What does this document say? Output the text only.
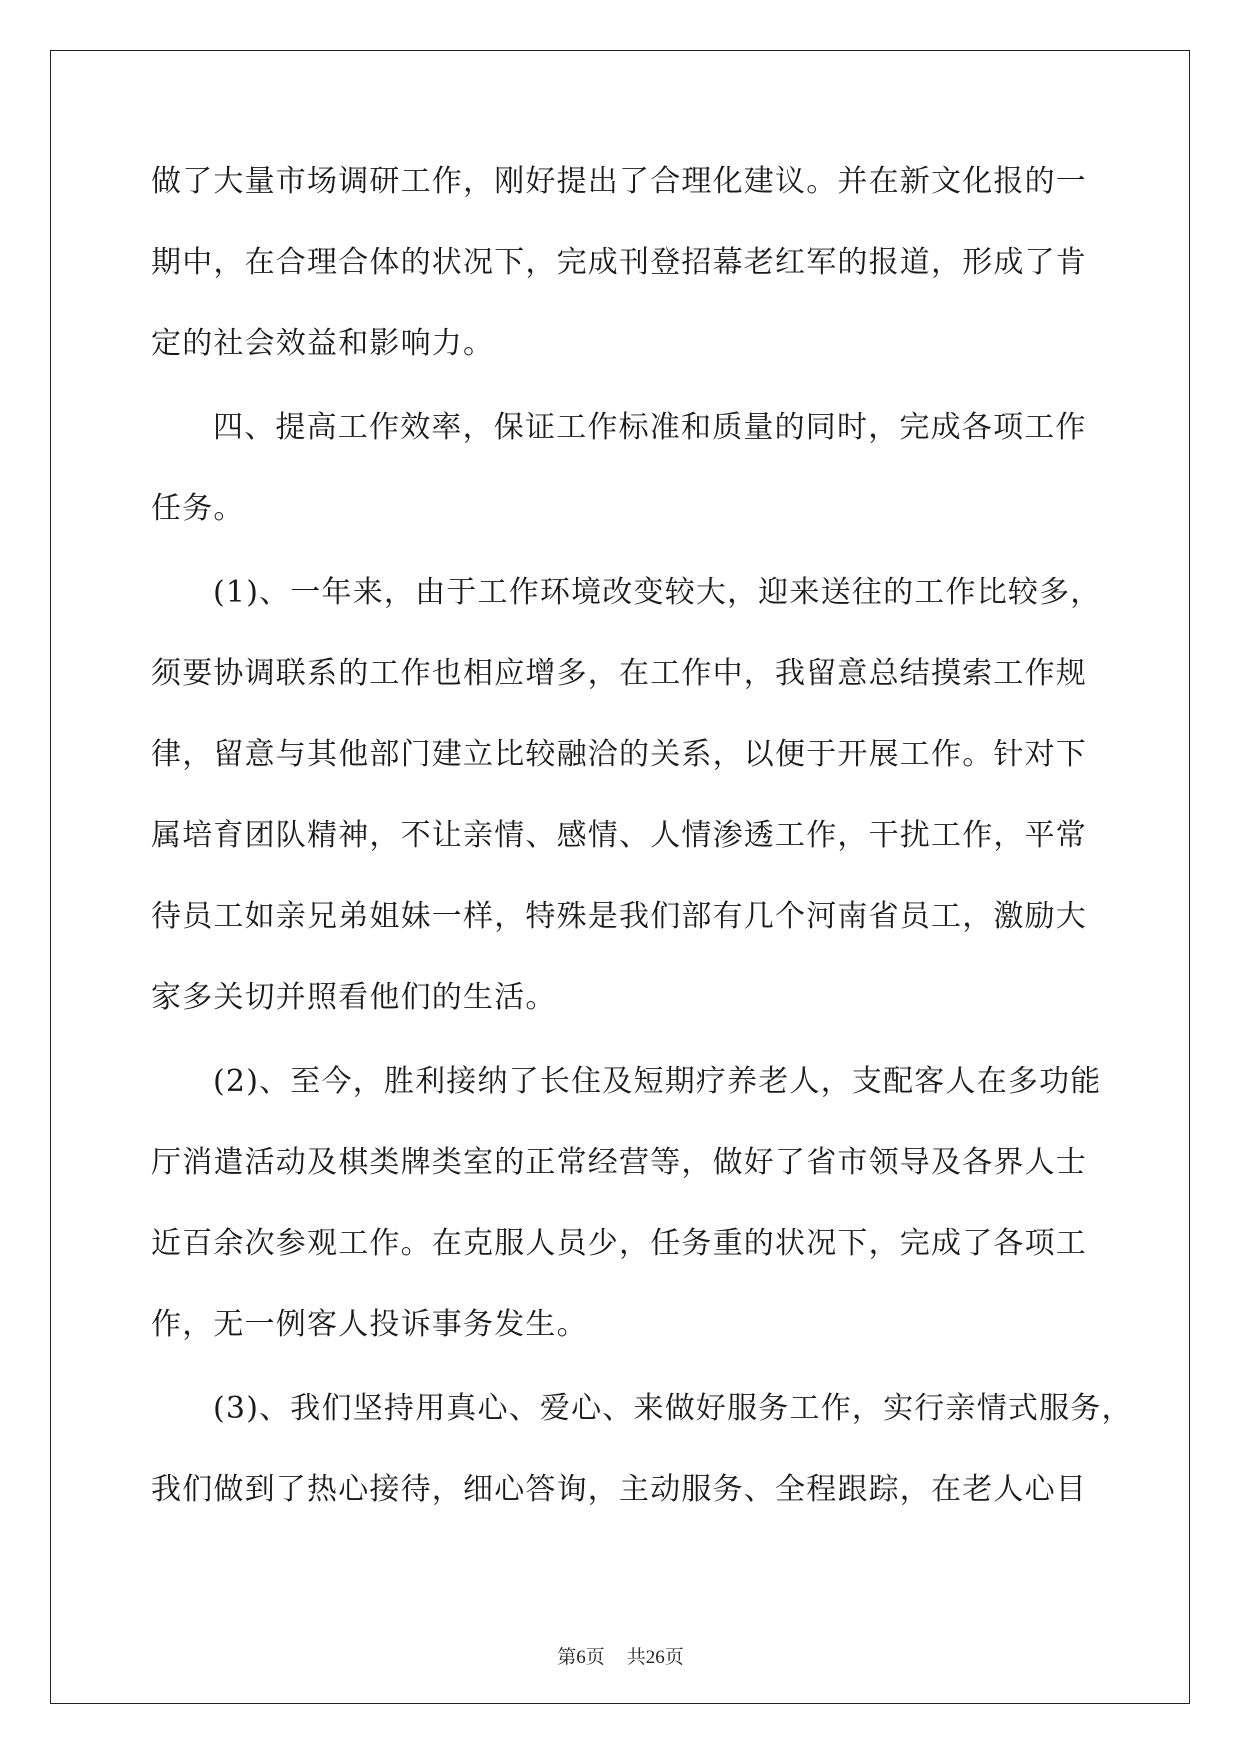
做了大量市场调研工作，刚好提出了合理化建议。并在新文化报的一
期中，在合理合体的状况下，完成刊登招幕老红军的报道，形成了肯
定的社会效益和影响力。
四、提高工作效率，保证工作标准和质量的同时，完成各项工作
任务。
(1)、一年来，由于工作环境改变较大，迎来送往的工作比较多，
须要协调联系的工作也相应增多，在工作中，我留意总结摸索工作规
律，留意与其他部门建立比较融洽的关系，以便于开展工作。针对下
属培育团队精神，不让亲情、感情、人情渗透工作，干扰工作，平常
待员工如亲兄弟姐妹一样，特殊是我们部有几个河南省员工，激励大
家多关切并照看他们的生活。
(2)、至今，胜利接纳了长住及短期疗养老人，支配客人在多功能
厅消遣活动及棋类牌类室的正常经营等，做好了省市领导及各界人士
近百余次参观工作。在克服人员少，任务重的状况下，完成了各项工
作，无一例客人投诉事务发生。
(3)、我们坚持用真心、爱心、来做好服务工作，实行亲情式服务，
我们做到了热心接待，细心答询，主动服务、全程跟踪，在老人心目
第6页 共26页
